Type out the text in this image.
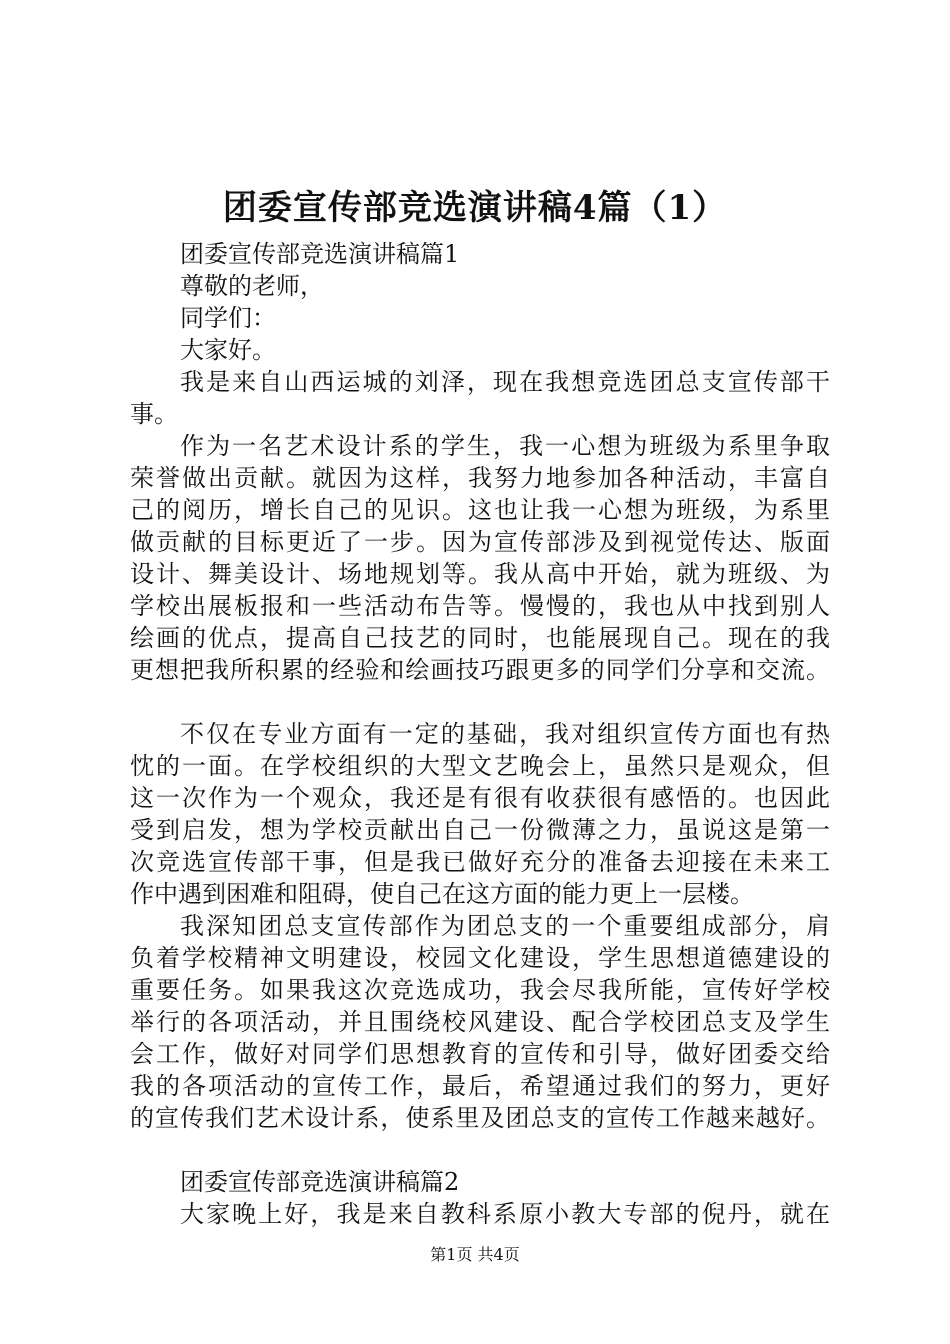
团委宣传部竞选演讲稿4篇（1）
团委宣传部竞选演讲稿篇1
尊敬的老师，
同学们：
大家好。
我是来自山西运城的刘泽，现在我想竞选团总支宣传部干
事。
作为一名艺术设计系的学生，我一心想为班级为系里争取
荣誉做出贡献。就因为这样，我努力地参加各种活动，丰富自
己的阅历，增长自己的见识。这也让我一心想为班级，为系里
做贡献的目标更近了一步。因为宣传部涉及到视觉传达、版面
设计、舞美设计、场地规划等。我从高中开始，就为班级、为
学校出展板报和一些活动布告等。慢慢的，我也从中找到别人
绘画的优点，提高自己技艺的同时，也能展现自己。现在的我
更想把我所积累的经验和绘画技巧跟更多的同学们分享和交流。
不仅在专业方面有一定的基础，我对组织宣传方面也有热
忱的一面。在学校组织的大型文艺晚会上，虽然只是观众，但
这一次作为一个观众，我还是有很有收获很有感悟的。也因此
受到启发，想为学校贡献出自己一份微薄之力，虽说这是第一
次竞选宣传部干事，但是我已做好充分的准备去迎接在未来工
作中遇到困难和阻碍，使自己在这方面的能力更上一层楼。
我深知团总支宣传部作为团总支的一个重要组成部分，肩
负着学校精神文明建设，校园文化建设，学生思想道德建设的
重要任务。如果我这次竞选成功，我会尽我所能，宣传好学校
举行的各项活动，并且围绕校风建设、配合学校团总支及学生
会工作，做好对同学们思想教育的宣传和引导，做好团委交给
我的各项活动的宣传工作，最后，希望通过我们的努力，更好
的宣传我们艺术设计系，使系里及团总支的宣传工作越来越好。
团委宣传部竞选演讲稿篇2
大家晚上好，我是来自教科系原小教大专部的倪丹，就在
第1页 共4页
